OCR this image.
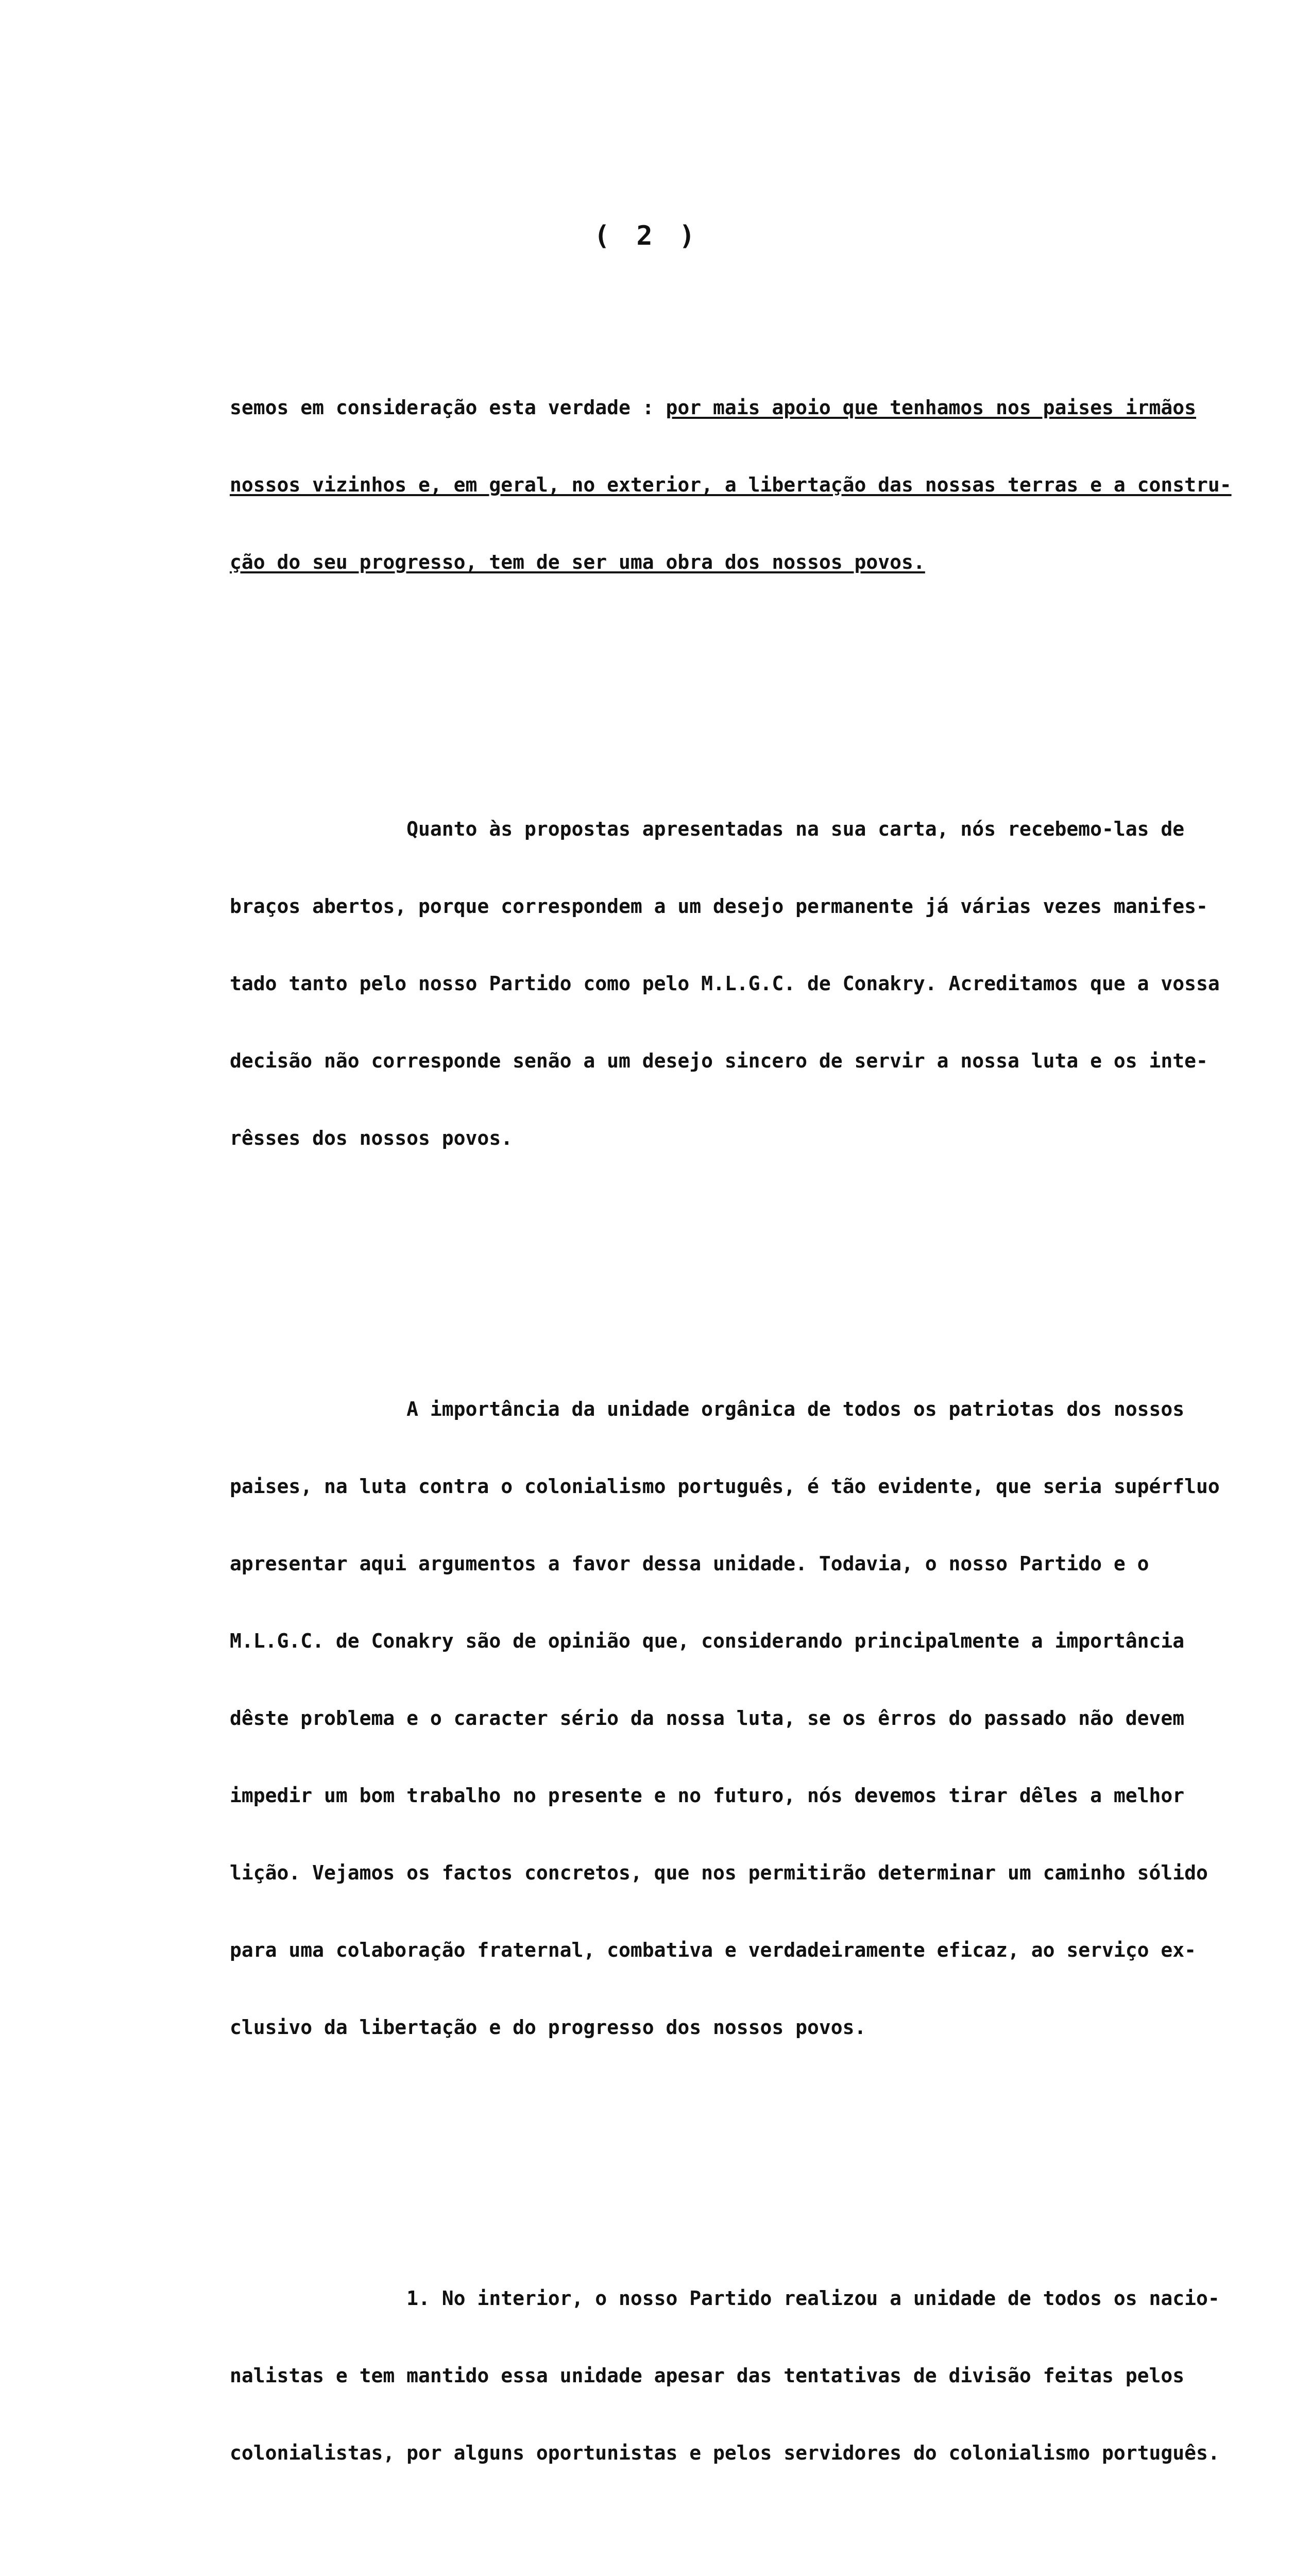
( 2 )

semos em consideração esta verdade : por mais apoio que tenhamos nos paises irmãos

nossos vizinhos e, em geral, no exterior, a libertação das nossas terras e a constru-

ção do seu progresso, tem de ser uma obra dos nossos povos.

Quanto às propostas apresentadas na sua carta, nós recebemo-las de

braços abertos, porque correspondem a um desejo permanente já várias vezes manifes-

tado tanto pelo nosso Partido como pelo M.L.G.C. de Conakry. Acreditamos que a vossa

decisão não corresponde senão a um desejo sincero de servir a nossa luta e os inte-

rêsses dos nossos povos.

A importância da unidade orgânica de todos os patriotas dos nossos

paises, na luta contra o colonialismo português, é tão evidente, que seria supérfluo

apresentar aqui argumentos a favor dessa unidade. Todavia, o nosso Partido e o

M.L.G.C. de Conakry são de opinião que, considerando principalmente a importância

dêste problema e o caracter sério da nossa luta, se os êrros do passado não devem

impedir um bom trabalho no presente e no futuro, nós devemos tirar dêles a melhor

lição. Vejamos os factos concretos, que nos permitirão determinar um caminho sólido

para uma colaboração fraternal, combativa e verdadeiramente eficaz, ao serviço ex-

clusivo da libertação e do progresso dos nossos povos.

1. No interior, o nosso Partido realizou a unidade de todos os nacio-

nalistas e tem mantido essa unidade apesar das tentativas de divisão feitas pelos

colonialistas, por alguns oportunistas e pelos servidores do colonialismo português.
